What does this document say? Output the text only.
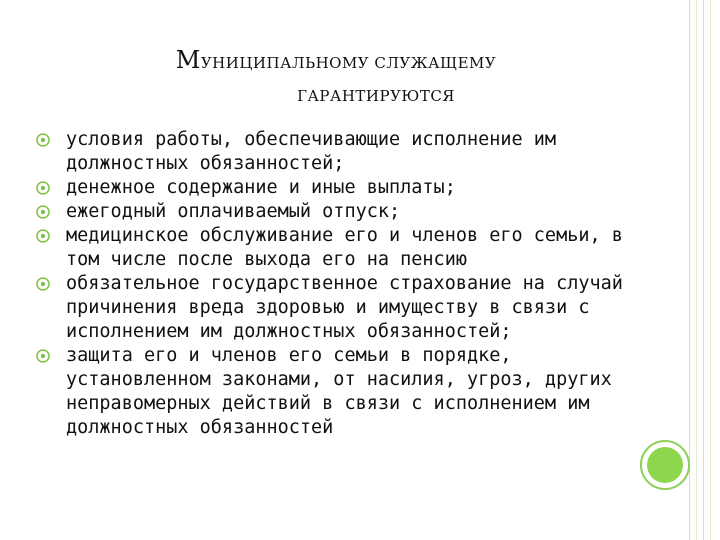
МУНИЦИПАЛЬНОМУ СЛУЖАЩЕМУ
ГАРАНТИРУЮТСЯ
условия работы, обеспечивающие исполнение им должностных обязанностей;
денежное содержание и иные выплаты;
ежегодный оплачиваемый отпуск;
медицинское обслуживание его и членов его семьи, в том числе после выхода его на пенсию
обязательное государственное страхование на случай причинения вреда здоровью и имуществу в связи с исполнением им должностных обязанностей;
защита его и членов его семьи в порядке, установленном законами, от насилия, угроз, других неправомерных действий в связи с исполнением им должностных обязанностей
